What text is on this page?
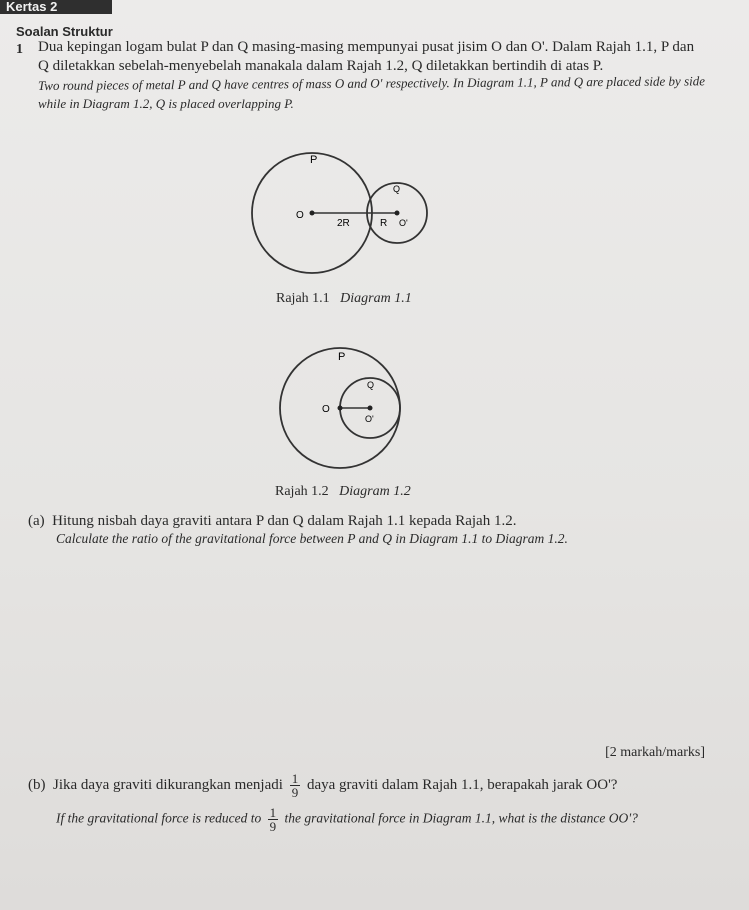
Kertas 2
Soalan Struktur
1 Dua kepingan logam bulat P dan Q masing-masing mempunyai pusat jisim O dan O'. Dalam Rajah 1.1, P dan
Q diletakkan sebelah-menyebelah manakala dalam Rajah 1.2, Q diletakkan bertindih di atas P.
Two round pieces of metal P and Q have centres of mass O and O' respectively. In Diagram 1.1, P and Q are placed side by side
while in Diagram 1.2, Q is placed overlapping P.
P
Q
O
2R	R O'
Rajah 1.1 Diagram 1.1
P
Q
O
O'
Rajah 1.2 Diagram 1.2
(a) Hitung nisbah daya graviti antara P dan Q dalam Rajah 1.1 kepada Rajah 1.2.
Calculate the ratio of the gravitational force between P and Q in Diagram 1.1 to Diagram 1.2.
[2 markah/marks]
(b) Jika daya graviti dikurangkan menjadi $\frac{1}{9}$ daya graviti dalam Rajah 1.1, berapakah jarak OO'?
If the gravitational force is reduced to $\frac{1}{9}$ the gravitational force in Diagram 1.1, what is the distance OO'?
